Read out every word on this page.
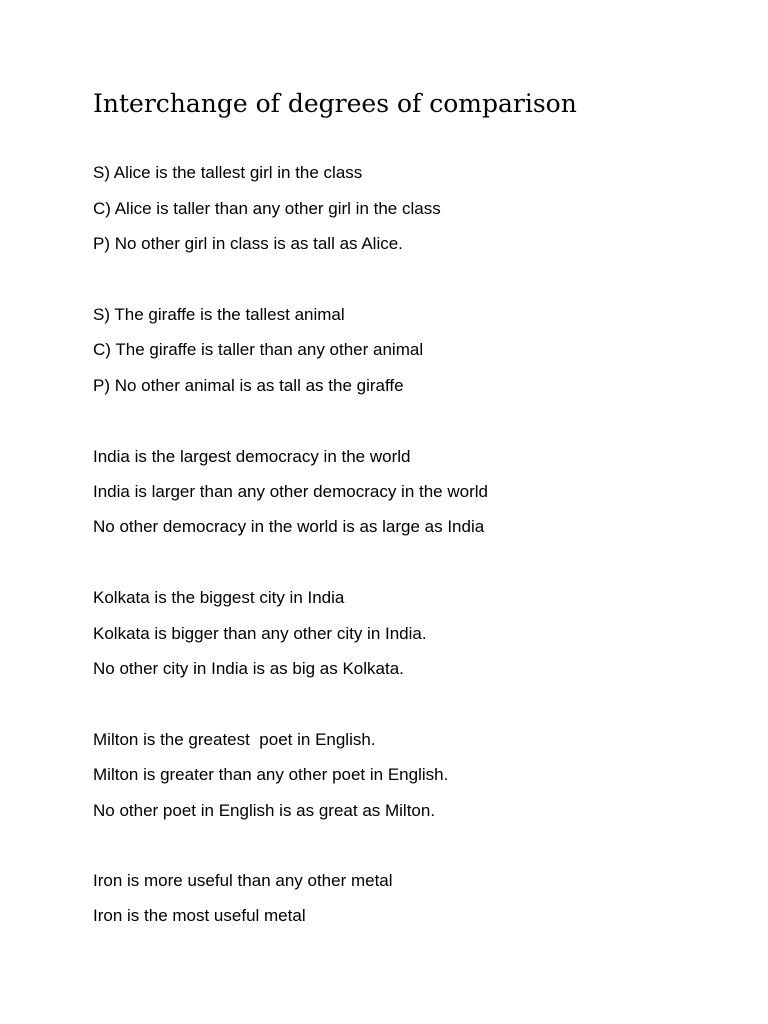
Interchange of degrees of comparison

S) Alice is the tallest girl in the class

C) Alice is taller than any other girl in the class

P) No other girl in class is as tall as Alice.

S) The giraffe is the tallest animal

C) The giraffe is taller than any other animal

P) No other animal is as tall as the giraffe

India is the largest democracy in the world

India is larger than any other democracy in the world

No other democracy in the world is as large as India

Kolkata is the biggest city in India

Kolkata is bigger than any other city in India.

No other city in India is as big as Kolkata.

Milton is the greatest  poet in English.

Milton is greater than any other poet in English.

No other poet in English is as great as Milton.

Iron is more useful than any other metal

Iron is the most useful metal
